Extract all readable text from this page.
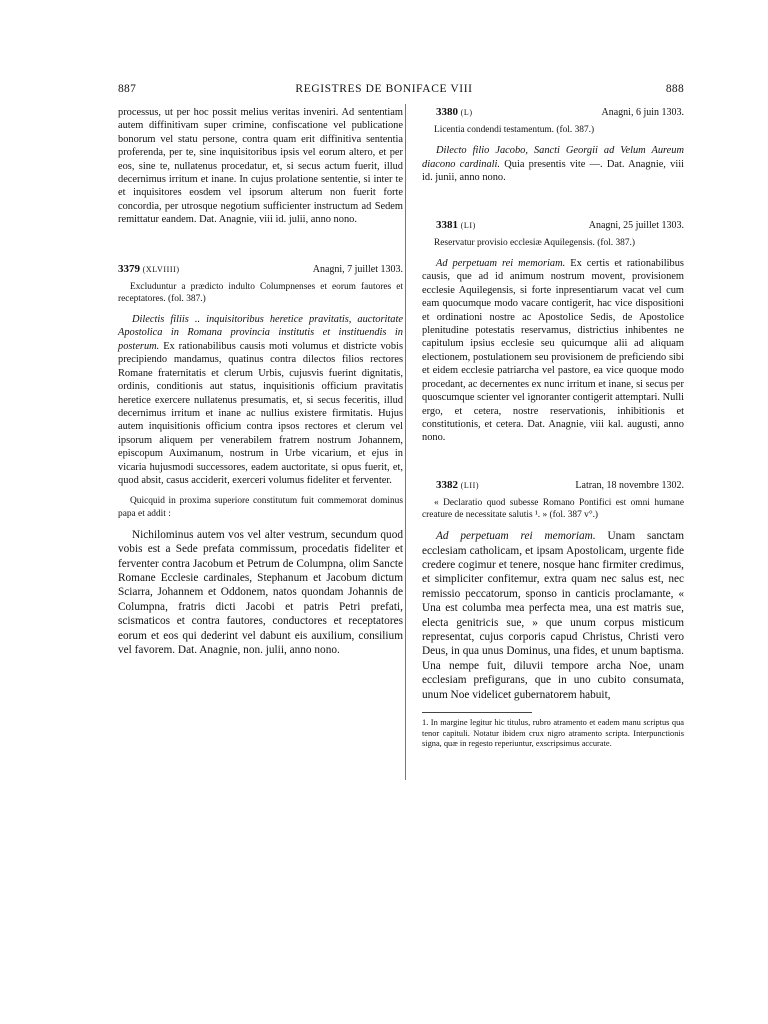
887	REGISTRES DE BONIFACE VIII	888

processus, ut per hoc possit melius veritas inveniri. Ad sententiam autem diffinitivam super crimine, confiscatione vel publicatione bonorum vel statu persone, contra quam erit diffinitiva sententia proferenda, per te, sine inquisitoribus ipsis vel eorum altero, et per eos, sine te, nullatenus procedatur, et, si secus actum fuerit, illud decernimus irritum et inane. In cujus prolatione sententie, si inter te et inquisitores eosdem vel ipsorum alterum non fuerit forte concordia, per utrosque negotium sufficienter instructum ad Sedem remittatur eandem. Dat. Anagnie, viii id. julii, anno nono.

3379 (XLVIIII)	Anagni, 7 juillet 1303.

Excluduntur a prædicto indulto Columpnenses et eorum fautores et receptatores. (fol. 387.)

Dilectis filiis .. inquisitoribus heretice pravitatis, auctoritate Apostolica in Romana provincia institutis et instituendis in posterum. Ex rationabilibus causis moti volumus et districte vobis precipiendo mandamus, quatinus contra dilectos filios rectores Romane fraternitatis et clerum Urbis, cujusvis fuerint dignitatis, ordinis, conditionis aut status, inquisitionis officium pravitatis heretice exercere nullatenus presumatis, et, si secus feceritis, illud decernimus irritum et inane ac nullius existere firmitatis. Hujus autem inquisitionis officium contra ipsos rectores et clerum vel ipsorum aliquem per venerabilem fratrem nostrum Johannem, episcopum Auximanum, nostrum in Urbe vicarium, et ejus in vicaria hujusmodi successores, eadem auctoritate, si opus fuerit, et, quod absit, casus acciderit, exerceri volumus fideliter et ferventer.

Quicquid in proxima superiore constitutum fuit commemorat dominus papa et addit :

Nichilominus autem vos vel alter vestrum, secundum quod vobis est a Sede prefata commissum, procedatis fideliter et ferventer contra Jacobum et Petrum de Columpna, olim Sancte Romane Ecclesie cardinales, Stephanum et Jacobum dictum Sciarra, Johannem et Oddonem, natos quondam Johannis de Columpna, fratris dicti Jacobi et patris Petri prefati, scismaticos et contra fautores, conductores et receptatores eorum et eos qui dederint vel dabunt eis auxilium, consilium vel favorem. Dat. Anagnie, non. julii, anno nono.

3380 (L)	Anagni, 6 juin 1303.

Licentia condendi testamentum. (fol. 387.)

Dilecto filio Jacobo, Sancti Georgii ad Velum Aureum diacono cardinali. Quia presentis vite —. Dat. Anagnie, viii id. junii, anno nono.

3381 (LI)	Anagni, 25 juillet 1303.

Reservatur provisio ecclesiæ Aquilegensis. (fol. 387.)

Ad perpetuam rei memoriam. Ex certis et rationabilibus causis, que ad id animum nostrum movent, provisionem ecclesie Aquilegensis, si forte inpresentiarum vacat vel cum eam quocumque modo vacare contigerit, hac vice dispositioni et ordinationi nostre ac Apostolice Sedis, de Apostolice plenitudine potestatis reservamus, districtius inhibentes ne capitulum ipsius ecclesie seu quicumque alii ad aliquam electionem, postulationem seu provisionem de preficiendo sibi et eidem ecclesie patriarcha vel pastore, ea vice quoque modo procedant, ac decernentes ex nunc irritum et inane, si secus per quoscumque scienter vel ignoranter contigerit attemptari. Nulli ergo, et cetera, nostre reservationis, inhibitionis et constitutionis, et cetera. Dat. Anagnie, viii kal. augusti, anno nono.

3382 (LII)	Latran, 18 novembre 1302.

« Declaratio quod subesse Romano Pontifici est omni humane creature de necessitate salutis ¹. » (fol. 387 v°.)

Ad perpetuam rei memoriam. Unam sanctam ecclesiam catholicam, et ipsam Apostolicam, urgente fide credere cogimur et tenere, nosque hanc firmiter credimus, et simpliciter confitemur, extra quam nec salus est, nec remissio peccatorum, sponso in canticis proclamante, « Una est columba mea perfecta mea, una est matris sue, electa genitricis sue, » que unum corpus misticum representat, cujus corporis capud Christus, Christi vero Deus, in qua unus Dominus, una fides, et unum baptisma. Una nempe fuit, diluvii tempore archa Noe, unam ecclesiam prefigurans, que in uno cubito consumata, unum Noe videlicet gubernatorem habuit,

1. In margine legitur hic titulus, rubro atramento et eadem manu scriptus qua tenor capituli. Notatur ibidem crux nigro atramento scripta. Interpunctionis signa, quæ in regesto reperiuntur, exscripsimus accurate.
